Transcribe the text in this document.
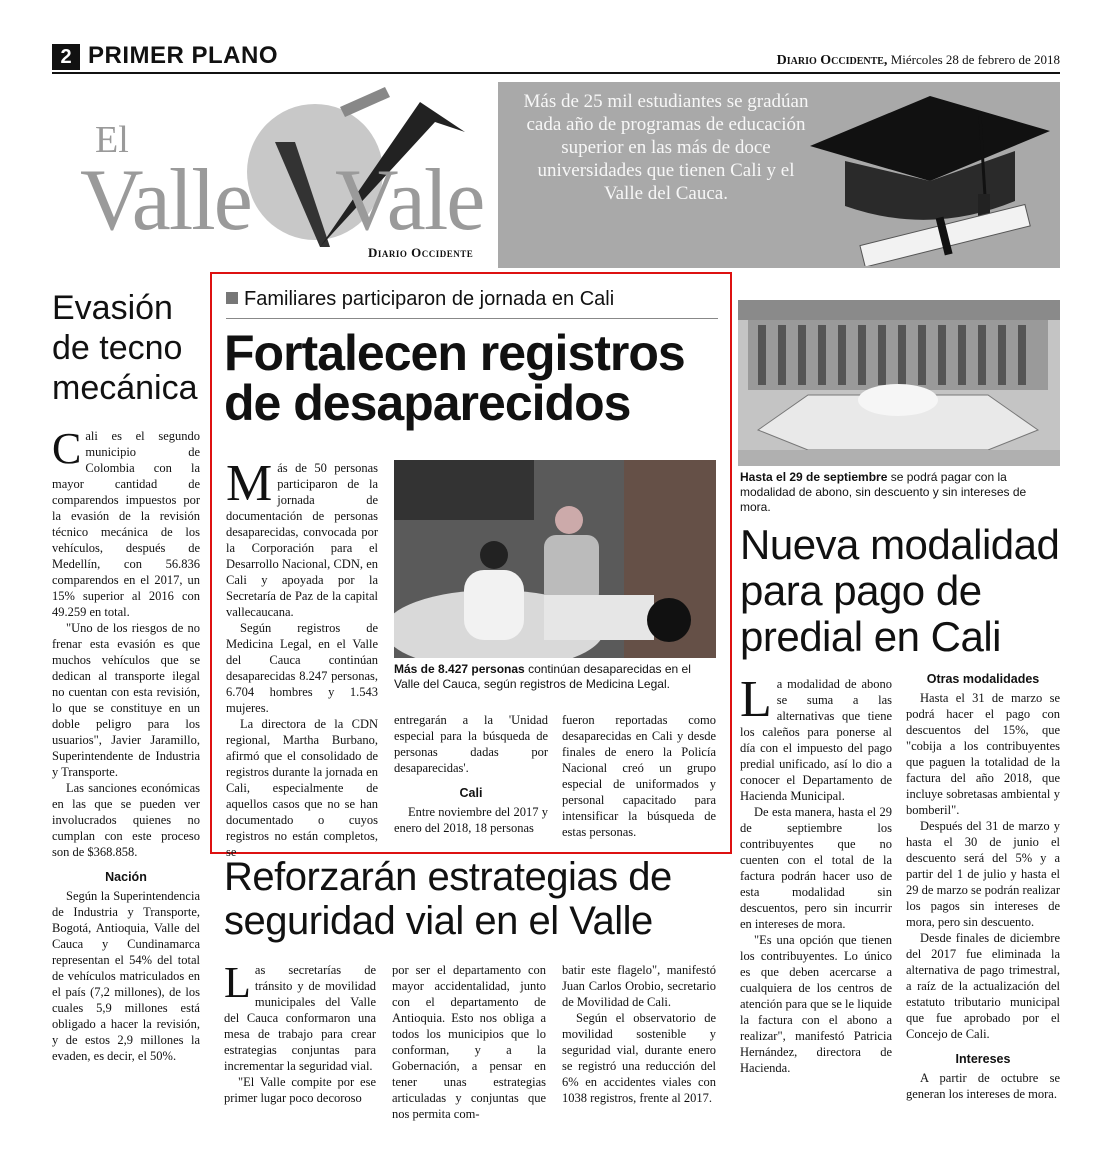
2 PRIMER PLANO	Diario Occidente, Miércoles 28 de febrero de 2018
El
Valle Vale
Diario Occidente
Más de 25 mil estudiantes se gradúan cada año de programas de educación superior en las más de doce universidades que tienen Cali y el Valle del Cauca.
Evasión de tecno mecánica

Cali es el segundo municipio de Colombia con la mayor cantidad de comparendos impuestos por la evasión de la revisión técnico mecánica de los vehículos, después de Medellín, con 56.836 comparendos en el 2017, un 15% superior al 2016 con 49.259 en total.

"Uno de los riesgos de no frenar esta evasión es que muchos vehículos que se dedican al transporte ilegal no cuentan con esta revisión, lo que se constituye en un doble peligro para los usuarios", Javier Jaramillo, Superintendente de Industria y Transporte.

Las sanciones económicas en las que se pueden ver involucrados quienes no cumplan con este proceso son de $368.858.

Nación

Según la Superintendencia de Industria y Transporte, Bogotá, Antioquia, Valle del Cauca y Cundinamarca representan el 54% del total de vehículos matriculados en el país (7,2 millones), de los cuales 5,9 millones está obligado a hacer la revisión, y de estos 2,9 millones la evaden, es decir, el 50%.

Familiares participaron de jornada en Cali
Fortalecen registros de desaparecidos

Más de 50 personas participaron de la jornada de documentación de personas desaparecidas, convocada por la Corporación para el Desarrollo Nacional, CDN, en Cali y apoyada por la Secretaría de Paz de la capital vallecaucana.

Según registros de Medicina Legal, en el Valle del Cauca continúan desaparecidas 8.247 personas, 6.704 hombres y 1.543 mujeres.

La directora de la CDN regional, Martha Burbano, afirmó que el consolidado de registros durante la jornada en Cali, especialmente de aquellos casos que no se han documentado o cuyos registros no están completos, se

Más de 8.427 personas continúan desaparecidas en el Valle del Cauca, según registros de Medicina Legal.

entregarán a la 'Unidad especial para la búsqueda de personas dadas por desaparecidas'.

Cali

Entre noviembre del 2017 y enero del 2018, 18 personas

fueron reportadas como desaparecidas en Cali y desde finales de enero la Policía Nacional creó un grupo especial de uniformados y personal capacitado para intensificar la búsqueda de estas personas.

Hasta el 29 de septiembre se podrá pagar con la modalidad de abono, sin descuento y sin intereses de mora.
Nueva modalidad para pago de predial en Cali

La modalidad de abono se suma a las alternativas que tiene los caleños para ponerse al día con el impuesto del pago predial unificado, así lo dio a conocer el Departamento de Hacienda Municipal.

De esta manera, hasta el 29 de septiembre los contribuyentes que no cuenten con el total de la factura podrán hacer uso de esta modalidad sin descuentos, pero sin incurrir en intereses de mora.

"Es una opción que tienen los contribuyentes. Lo único es que deben acercarse a cualquiera de los centros de atención para que se le liquide la factura con el abono a realizar", manifestó Patricia Hernández, directora de Hacienda.

Otras modalidades

Hasta el 31 de marzo se podrá hacer el pago con descuentos del 15%, que "cobija a los contribuyentes que paguen la totalidad de la factura del año 2018, que incluye sobretasas ambiental y bomberil".

Después del 31 de marzo y hasta el 30 de junio el descuento será del 5% y a partir del 1 de julio y hasta el 29 de marzo se podrán realizar los pagos sin intereses de mora, pero sin descuento.

Desde finales de diciembre del 2017 fue eliminada la alternativa de pago trimestral, a raíz de la actualización del estatuto tributario municipal que fue aprobado por el Concejo de Cali.

Intereses

A partir de octubre se generan los intereses de mora.

Reforzarán estrategias de seguridad vial en el Valle

Las secretarías de tránsito y de movilidad municipales del Valle del Cauca conformaron una mesa de trabajo para crear estrategias conjuntas para incrementar la seguridad vial.

"El Valle compite por ese primer lugar poco decoroso

por ser el departamento con mayor accidentalidad, junto con el departamento de Antioquia. Esto nos obliga a todos los municipios que lo conforman, y a la Gobernación, a pensar en tener unas estrategias articuladas y conjuntas que nos permita com-

batir este flagelo", manifestó Juan Carlos Orobio, secretario de Movilidad de Cali.

Según el observatorio de movilidad sostenible y seguridad vial, durante enero se registró una reducción del 6% en accidentes viales con 1038 registros, frente al 2017.
